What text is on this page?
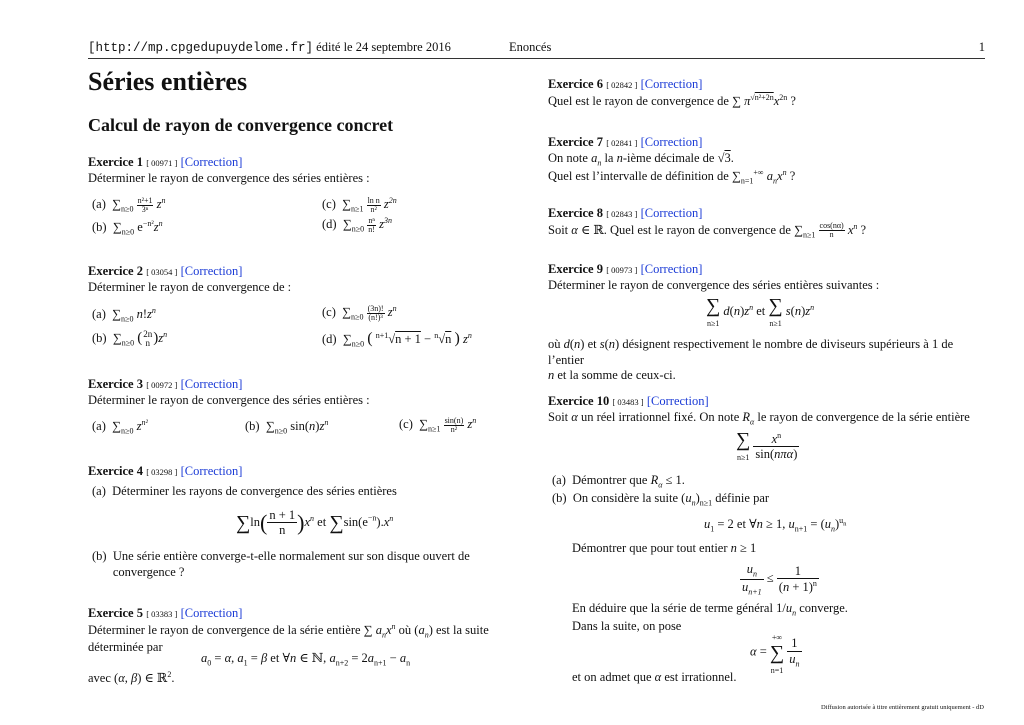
[http://mp.cpgedupuydelome.fr] édité le 24 septembre 2016	Enoncés	1
Séries entières
Calcul de rayon de convergence concret
Exercice 1 [ 00971 ] [Correction]
Déterminer le rayon de convergence des séries entières :
(a)  $\sum_{n\ge 0} \frac{\text{n²+1}}{\text{3ⁿ}} z^n$
(b)  $\sum_{n\ge 0}$ $e^{-n^2}z^n$
(c)  $\sum_{n\ge 1} \frac{\text{ln n}}{\text{n²}} z^{2n}$
(d)  $\sum_{n\ge 0} \frac{\text{nⁿ}}{n!} z^{3n}$
Exercice 2 [ 03054 ] [Correction]
Déterminer le rayon de convergence de :
(a)  $\sum_{n\ge 0}$ $n!z^n$
(b)  $\sum_{n\ge 0}$ ( 2n
n )$z^n$
(c)  $\sum_{n\ge 0} \frac{(3n)!}{\text{(n!)³}} z^n$
(d)  $\sum_{n\ge 0}$ ( $^{n+1}$√n + 1 − $^n$√n ) $z^n$
Exercice 3 [ 00972 ] [Correction]
Déterminer le rayon de convergence des séries entières :
(a)  $\sum_{n\ge 0}$ $z^{n^2}$	(b)  $\sum_{n\ge 0}$ $\sin(n)z^n$	(c)  $\sum_{n\ge 1} \frac{\sin(n)}{\text{n²}} z^n$
Exercice 4 [ 03298 ] [Correction]
(a)  Déterminer les rayons de convergence des séries entières
$\sum\ln( \frac{n + 1}{n} )x^n$ et $\sum\sin(e^{-n}).x^n$
(b) Une série entière converge-t-elle normalement sur son disque ouvert de convergence ?
Exercice 5 [ 03383 ] [Correction]
Déterminer le rayon de convergence de la série entière ∑ $a_nx^n$ où $(a_n)$ est la suite
déterminée par
$a_0 = \alpha$, $a_1 = \beta$ et ∀n ∈ ℕ, $a_{n+2} = 2a_{n+1} - a_n$
avec (α, β) ∈ ℝ$^2$.
Exercice 6 [ 02842 ] [Correction]
Quel est le rayon de convergence de ∑ $\pi^{√n^2+2n}x^{2n}$ ?
Exercice 7 [ 02841 ] [Correction]
On note $a_n$ la n-ième décimale de √3.
Quel est l’intervalle de définition de $\sum_{n=1}^{+\infty}$ $a_nx^n$ ?
Exercice 8 [ 02843 ] [Correction]
Soit α ∈ ℝ. Quel est le rayon de convergence de $\sum_{n\ge 1} \frac{\cos(n\alpha)}{n} x^n$ ?
Exercice 9 [ 00973 ] [Correction]
Déterminer le rayon de convergence des séries entières suivantes :
∑
n≥1 $d(n)z^n$ et ∑
n≥1 $s(n)z^n$
où d(n) et s(n) désignent respectivement le nombre de diviseurs supérieurs à 1 de l’entier
n et la somme de ceux-ci.
Exercice 10 [ 03483 ] [Correction]
Soit α un réel irrationnel fixé. On note $R_\alpha$ le rayon de convergence de la série entière
∑
n≥1
$x^n$
sin(nπα)
(a)  Démontrer que $R_\alpha \le 1$.
(b)  On considère la suite $(u_n)_{n\ge 1}$ définie par
$u_1 = 2$ et ∀n ≥ 1, $u_{n+1} = (u_n)^{u_n}$
Démontrer que pour tout entier n ≥ 1
$\frac{u_n}{u_{n+1}} \le \frac{1}{(n + 1)^n}$
En déduire que la série de terme général $1/u_n$ converge.
Dans la suite, on pose
α = +∞
∑
n=1
$\frac{1}{u_n}$
et on admet que α est irrationnel.
Diffusion autorisée à titre entièrement gratuit uniquement - dD
